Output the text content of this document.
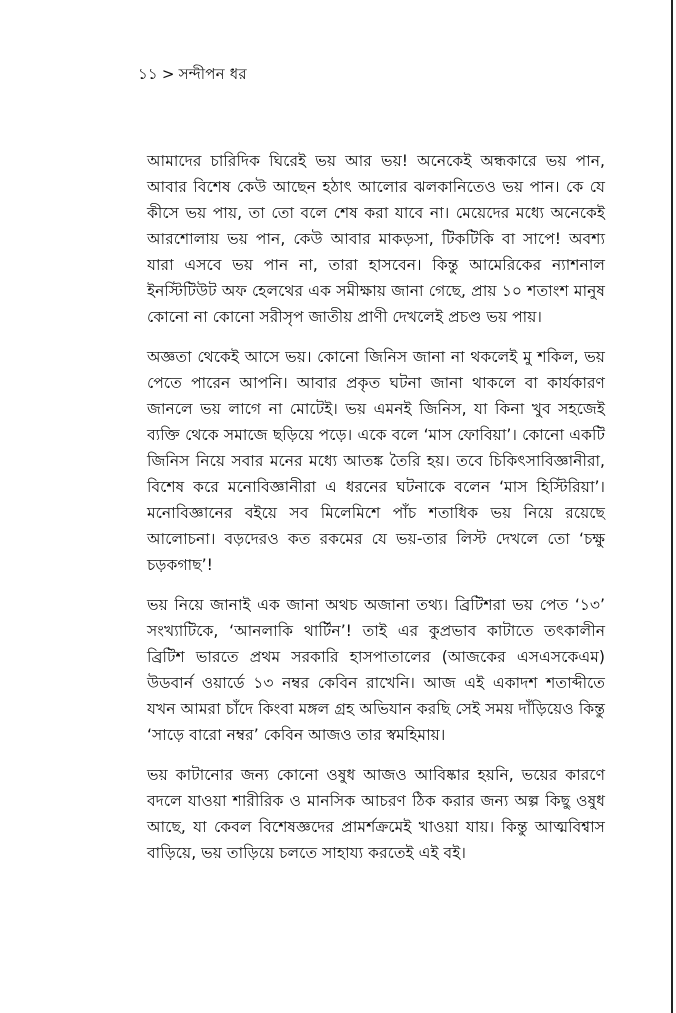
১১ > সন্দীপন ধর

আমাদের চারিদিক ঘিরেই ভয় আর ভয়! অনেকেই অন্ধকারে ভয় পান, আবার বিশেষ কেউ আছেন হঠাৎ আলোর ঝলকানিতেও ভয় পান। কে যে কীসে ভয় পায়, তা তো বলে শেষ করা যাবে না। মেয়েদের মধ্যে অনেকেই আরশোলায় ভয় পান, কেউ আবার মাকড়সা, টিকটিকি বা সাপে! অবশ্য যারা এসবে ভয় পান না, তারা হাসবেন। কিন্তু আমেরিকের ন্যাশনাল ইনস্টিটিউট অফ হেলথের এক সমীক্ষায় জানা গেছে, প্রায় ১০ শতাংশ মানুষ কোনো না কোনো সরীসৃপ জাতীয় প্রাণী দেখলেই প্রচণ্ড ভয় পায়।

অজ্ঞতা থেকেই আসে ভয়। কোনো জিনিস জানা না থকলেই মু শকিল, ভয় পেতে পারেন আপনি। আবার প্রকৃত ঘটনা জানা থাকলে বা কার্যকারণ জানলে ভয় লাগে না মোটেই। ভয় এমনই জিনিস, যা কিনা খুব সহজেই ব্যক্তি থেকে সমাজে ছড়িয়ে পড়ে। একে বলে ‘মাস ফোবিয়া’। কোনো একটি জিনিস নিয়ে সবার মনের মধ্যে আতঙ্ক তৈরি হয়। তবে চিকিৎসাবিজ্ঞানীরা, বিশেষ করে মনোবিজ্ঞানীরা এ ধরনের ঘটনাকে বলেন ‘মাস হিস্টিরিয়া’। মনোবিজ্ঞানের বইয়ে সব মিলেমিশে পাঁচ শতাধিক ভয় নিয়ে রয়েছে আলোচনা। বড়দেরও কত রকমের যে ভয়-তার লিস্ট দেখলে তো ‘চক্ষু চড়কগাছ’!

ভয় নিয়ে জানাই এক জানা অথচ অজানা তথ্য। ব্রিটিশরা ভয় পেত ‘১৩’ সংখ্যাটিকে, ‘আনলাকি থার্টিন’! তাই এর কুপ্রভাব কাটাতে তৎকালীন ব্রিটিশ ভারতে প্রথম সরকারি হাসপাতালের (আজকের এসএসকেএম) উডবার্ন ওয়ার্ডে ১৩ নম্বর কেবিন রাখেনি। আজ এই একাদশ শতাব্দীতে যখন আমরা চাঁদে কিংবা মঙ্গল গ্রহ অভিযান করছি সেই সময় দাঁড়িয়েও কিন্তু ‘সাড়ে বারো নম্বর’ কেবিন আজও তার স্বমহিমায়।

ভয় কাটানোর জন্য কোনো ওষুধ আজও আবিষ্কার হয়নি, ভয়ের কারণে বদলে যাওয়া শারীরিক ও মানসিক আচরণ ঠিক করার জন্য অল্প কিছু ওষুধ আছে, যা কেবল বিশেষজ্ঞদের প্রামর্শক্রমেই খাওয়া যায়। কিন্তু আত্মবিশ্বাস বাড়িয়ে, ভয় তাড়িয়ে চলতে সাহায্য করতেই এই বই।
